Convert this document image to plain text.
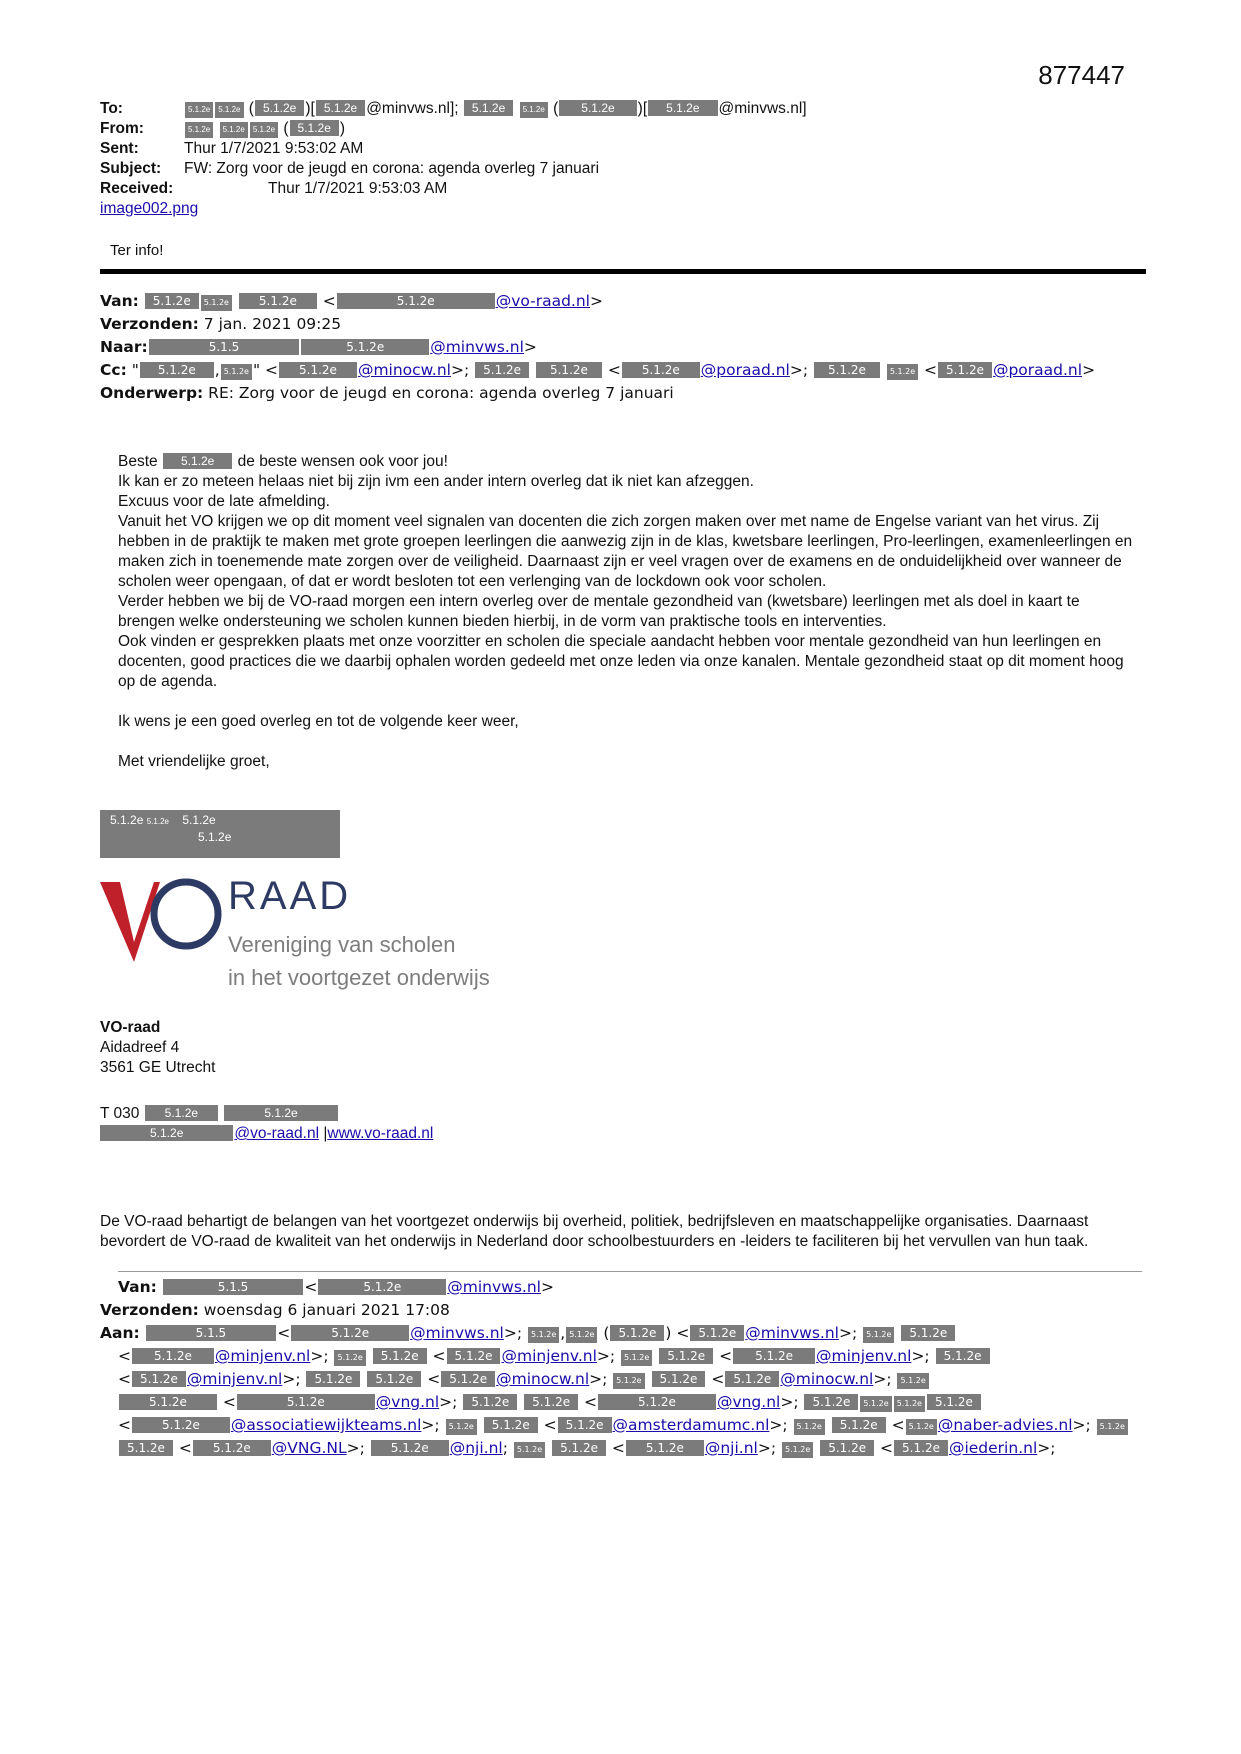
877447
To:	5.1.2e 5.1.2e ( 5.1.2e )[ 5.1.2e @minvws.nl]; 5.1.2e 5.1.2e ( 5.1.2e )[ 5.1.2e @minvws.nl]
From:	5.1.2e 5.1.2e 5.1.2e ( 5.1.2e )
Sent:	Thur 1/7/2021 9:53:02 AM
Subject: FW: Zorg voor de jeugd en corona: agenda overleg 7 januari
Received:	Thur 1/7/2021 9:53:03 AM
image002.png
Ter info!
Van: 5.1.2e 5.1.2e 5.1.2e <	5.1.2e	@vo-raad.nl>
Verzonden: 7 jan. 2021 09:25
Naar:	5.1.5	5.1.2e	@minvws.nl>
Cc: " 5.1.2e , 5.1.2e " < 5.1.2e @minocw.nl>; 5.1.2e 5.1.2e < 5.1.2e @poraad.nl>; 5.1.2e	5.1.2e < 5.1.2e @poraad.nl>
Onderwerp: RE: Zorg voor de jeugd en corona: agenda overleg 7 januari

Beste 5.1.2e de beste wensen ook voor jou!

Ik kan er zo meteen helaas niet bij zijn ivm een ander intern overleg dat ik niet kan afzeggen.

Excuus voor de late afmelding.

Vanuit het VO krijgen we op dit moment veel signalen van docenten die zich zorgen maken over met name de Engelse variant van het virus. Zij hebben in de praktijk te maken met grote groepen leerlingen die aanwezig zijn in de klas, kwetsbare leerlingen, Pro-leerlingen, examenleerlingen en maken zich in toenemende mate zorgen over de veiligheid. Daarnaast zijn er veel vragen over de examens en de onduidelijkheid over wanneer de scholen weer opengaan, of dat er wordt besloten tot een verlenging van de lockdown ook voor scholen.

Verder hebben we bij de VO-raad morgen een intern overleg over de mentale gezondheid van (kwetsbare) leerlingen met als doel in kaart te brengen welke ondersteuning we scholen kunnen bieden hierbij, in de vorm van praktische tools en interventies.

Ook vinden er gesprekken plaats met onze voorzitter en scholen die speciale aandacht hebben voor mentale gezondheid van hun leerlingen en docenten, good practices die we daarbij ophalen worden gedeeld met onze leden via onze kanalen. Mentale gezondheid staat op dit moment hoog op de agenda.

Ik wens je een goed overleg en tot de volgende keer weer,

Met vriendelijke groet,

5.1.2e 5.1.2e 5.1.2e
5.1.2e
RAAD
Vereniging van scholen
in het voortgezet onderwijs
VO-raad
Aidadreef 4
3561 GE Utrecht
T 030 5.1.2e	5.1.2e
5.1.2e	@vo-raad.nl |www.vo-raad.nl
De VO-raad behartigt de belangen van het voortgezet onderwijs bij overheid, politiek, bedrijfsleven en maatschappelijke organisaties. Daarnaast bevordert de VO-raad de kwaliteit van het onderwijs in Nederland door schoolbestuurders en -leiders te faciliteren bij het vervullen van hun taak.
Van:	5.1.5	<	5.1.2e	@minvws.nl>
Verzonden: woensdag 6 januari 2021 17:08
Aan:	5.1.5	<	5.1.2e	@minvws.nl>; 5.1.2e , 5.1.2e ( 5.1.2e ) < 5.1.2e @minvws.nl>; 5.1.2e 5.1.2e
< 5.1.2e @minjenv.nl>; 5.1.2e 5.1.2e < 5.1.2e @minjenv.nl>; 5.1.2e 5.1.2e < 5.1.2e @minjenv.nl>; 5.1.2e
< 5.1.2e @minjenv.nl>; 5.1.2e 5.1.2e < 5.1.2e @minocw.nl>; 5.1.2e 5.1.2e < 5.1.2e @minocw.nl>; 5.1.2e
5.1.2e <	5.1.2e	@vng.nl>; 5.1.2e 5.1.2e <	5.1.2e	@vng.nl>; 5.1.2e 5.1.2e 5.1.2e 5.1.2e
<	5.1.2e @associatiewijkteams.nl>; 5.1.2e 5.1.2e < 5.1.2e @amsterdamumc.nl>; 5.1.2e 5.1.2e < 5.1.2e @naber-advies.nl>; 5.1.2e
5.1.2e < 5.1.2e @VNG.NL>; 5.1.2e @nji.nl; 5.1.2e 5.1.2e < 5.1.2e @nji.nl>; 5.1.2e 5.1.2e < 5.1.2e @iederin.nl>;
